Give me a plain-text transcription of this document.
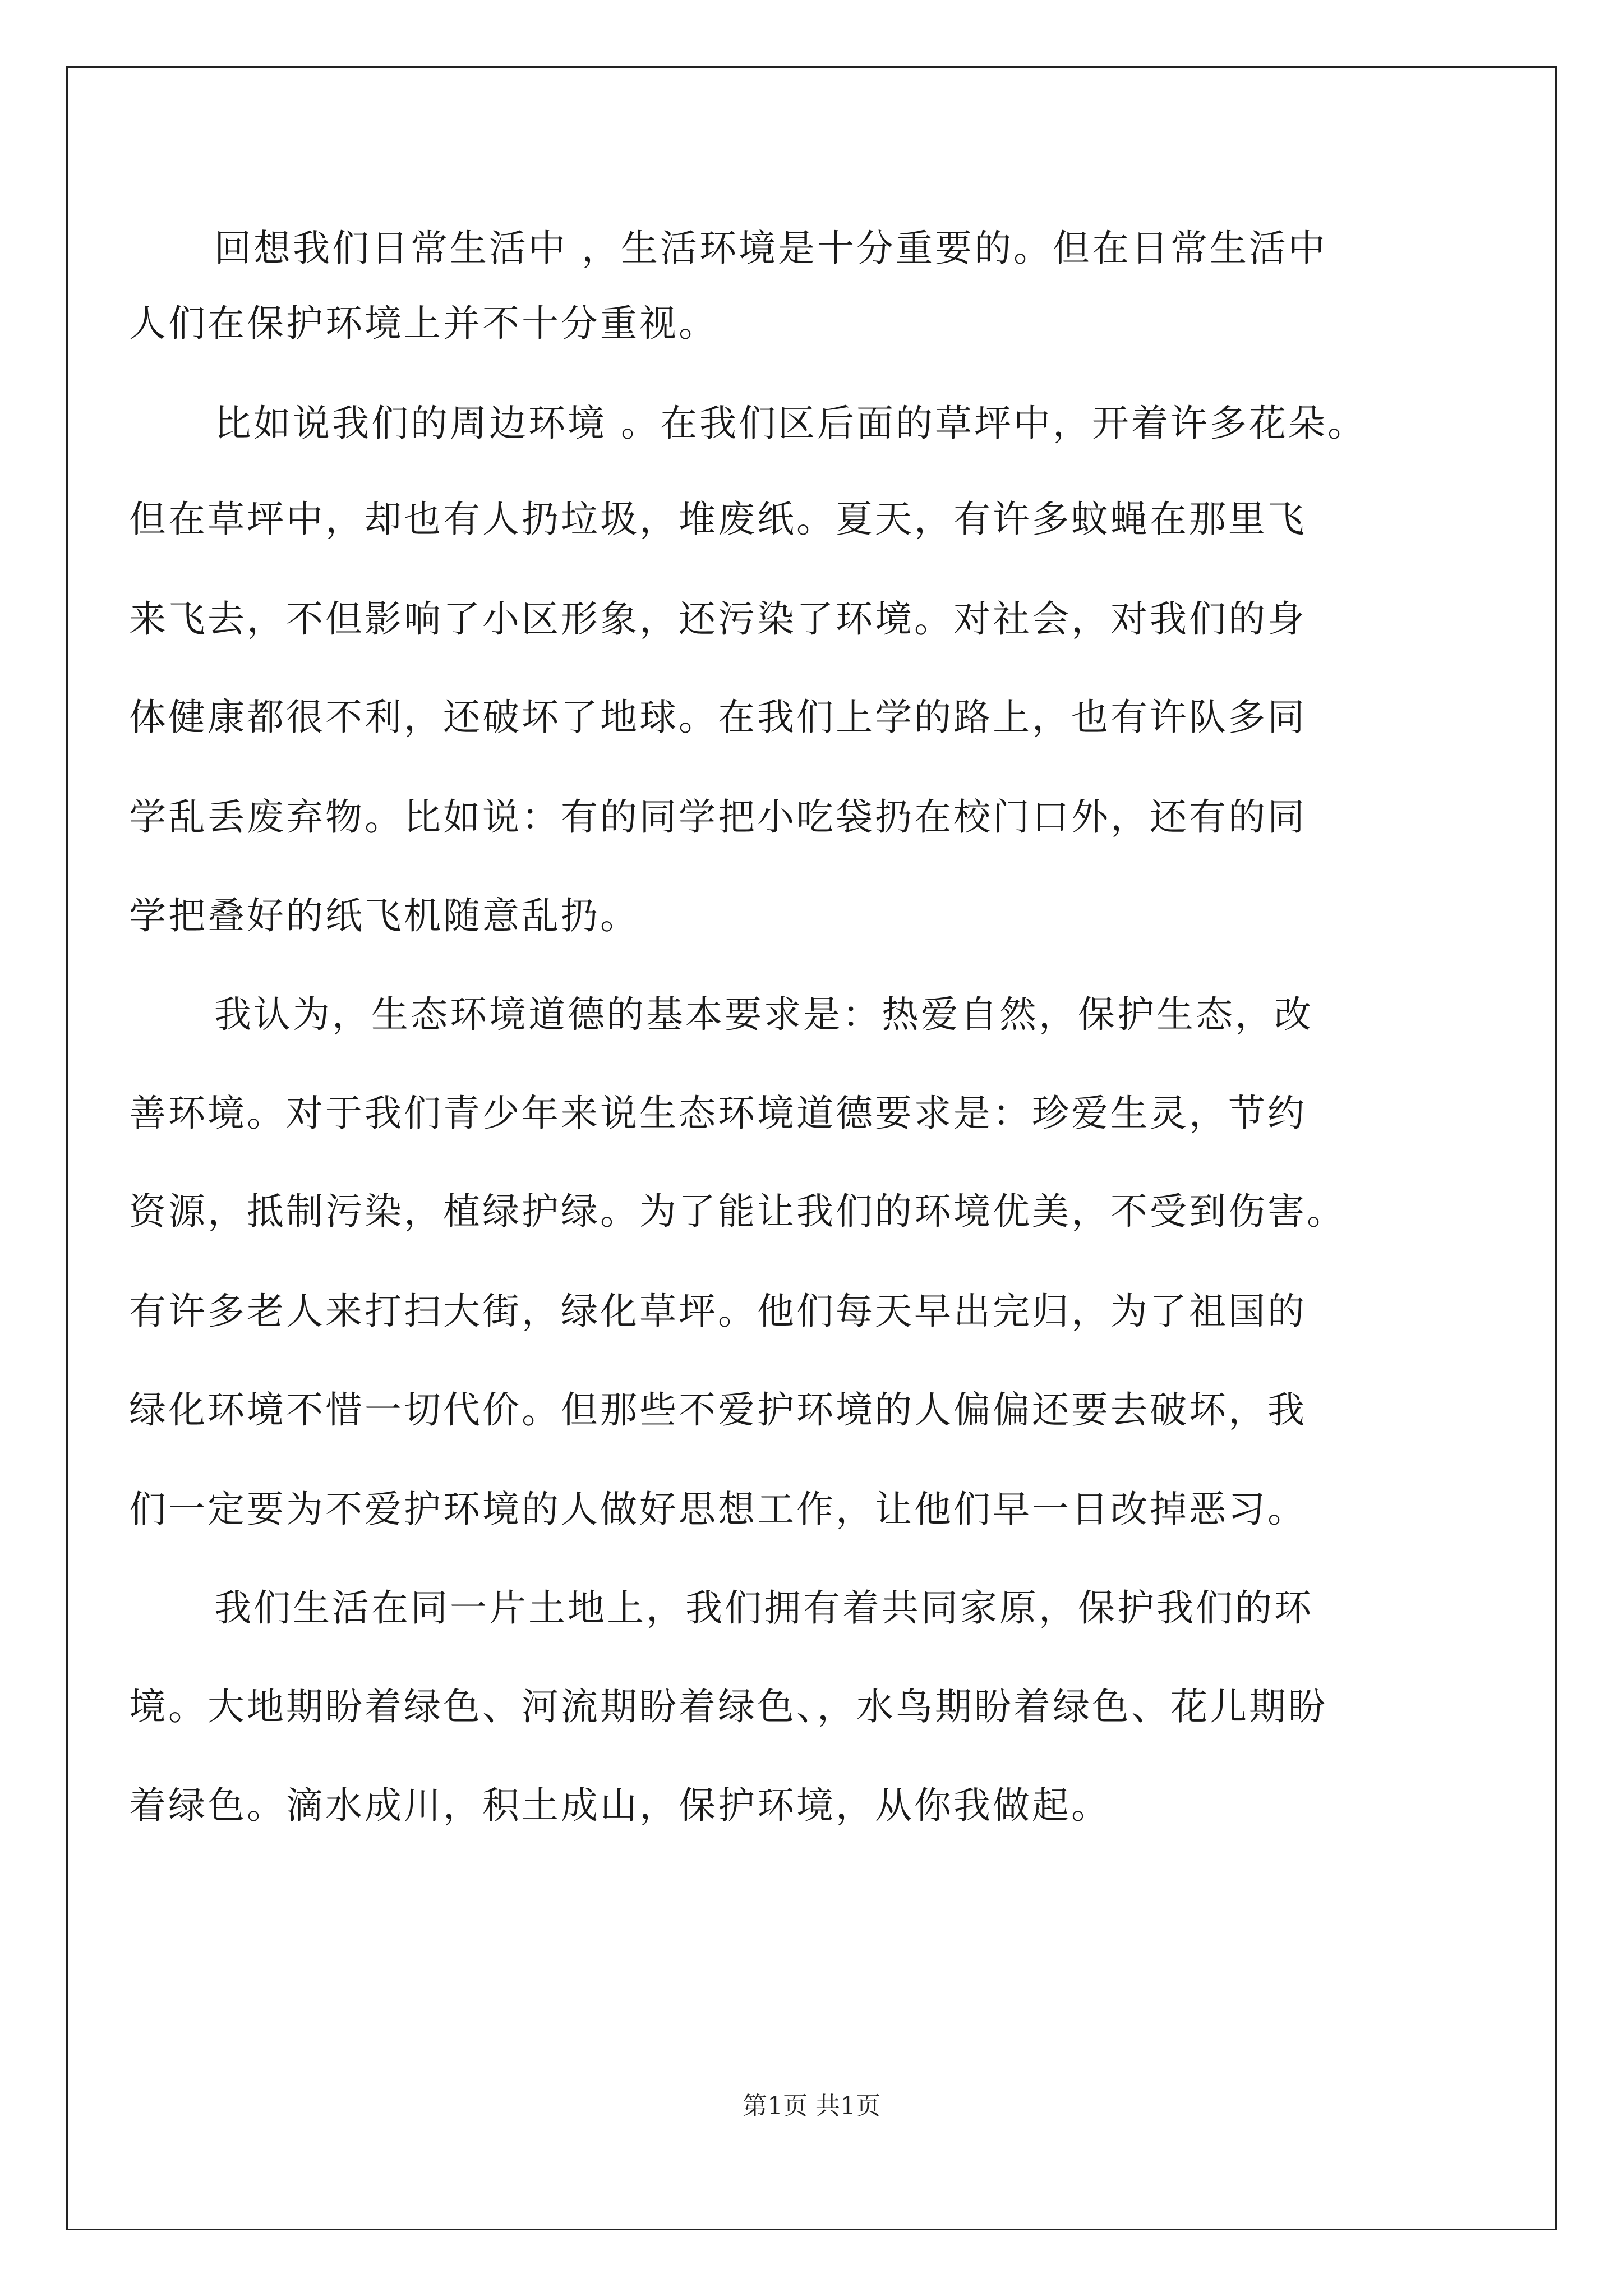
回想我们日常生活中 ，生活环境是十分重要的。但在日常生活中
人们在保护环境上并不十分重视。
比如说我们的周边环境 。在我们区后面的草坪中，开着许多花朵。
但在草坪中，却也有人扔垃圾，堆废纸。夏天，有许多蚊蝇在那里飞
来飞去，不但影响了小区形象，还污染了环境。对社会，对我们的身
体健康都很不利，还破坏了地球。在我们上学的路上，也有许队多同
学乱丢废弃物。比如说：有的同学把小吃袋扔在校门口外，还有的同
学把叠好的纸飞机随意乱扔。
我认为，生态环境道德的基本要求是：热爱自然，保护生态，改
善环境。对于我们青少年来说生态环境道德要求是：珍爱生灵，节约
资源，抵制污染，植绿护绿。为了能让我们的环境优美，不受到伤害。
有许多老人来打扫大街，绿化草坪。他们每天早出完归，为了祖国的
绿化环境不惜一切代价。但那些不爱护环境的人偏偏还要去破坏，我
们一定要为不爱护环境的人做好思想工作，让他们早一日改掉恶习。
我们生活在同一片土地上，我们拥有着共同家原，保护我们的环
境。大地期盼着绿色、河流期盼着绿色、，水鸟期盼着绿色、花儿期盼
着绿色。滴水成川，积土成山，保护环境，从你我做起。
第1页 共1页
